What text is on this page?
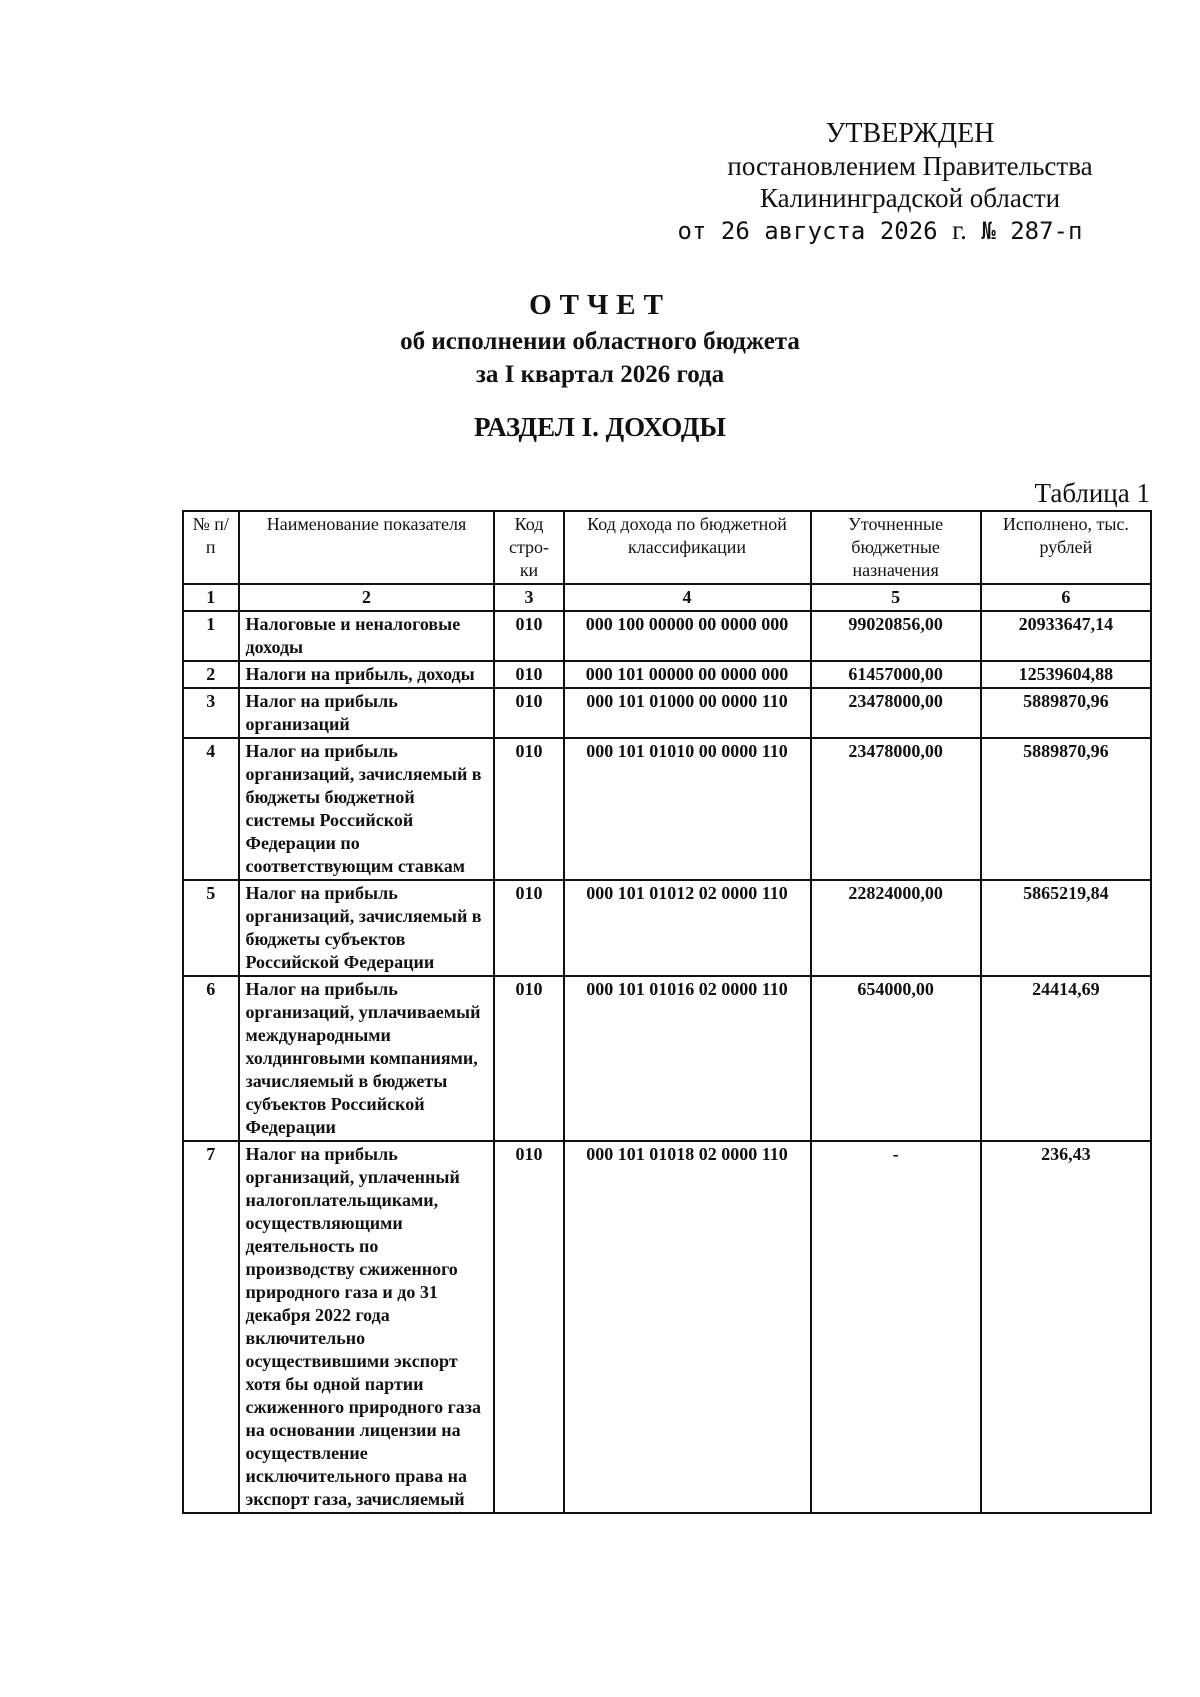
УТВЕРЖДЕН
постановлением Правительства
Калининградской области
от 26 августа 2026 г. № 287-п
ОТЧЕТ
об исполнении областного бюджета
за I квартал 2026 года
РАЗДЕЛ I. ДОХОДЫ
Таблица 1
№ п/п	Наименование показателя	Код стро-ки	Код дохода по бюджетной классификации	Уточненные бюджетные назначения	Исполнено, тыс. рублей
1	2	3	4	5	6
1	Налоговые и неналоговые доходы	010	000 100 00000 00 0000 000	99020856,00	20933647,14
2	Налоги на прибыль, доходы	010	000 101 00000 00 0000 000	61457000,00	12539604,88
3	Налог на прибыль организаций	010	000 101 01000 00 0000 110	23478000,00	5889870,96
4	Налог на прибыль организаций, зачисляемый в бюджеты бюджетной системы Российской Федерации по соответствующим ставкам	010	000 101 01010 00 0000 110	23478000,00	5889870,96
5	Налог на прибыль организаций, зачисляемый в бюджеты субъектов Российской Федерации	010	000 101 01012 02 0000 110	22824000,00	5865219,84
6	Налог на прибыль организаций, уплачиваемый международными холдинговыми компаниями, зачисляемый в бюджеты субъектов Российской Федерации	010	000 101 01016 02 0000 110	654000,00	24414,69
7	Налог на прибыль организаций, уплаченный налогоплательщиками, осуществляющими деятельность по производству сжиженного природного газа и до 31 декабря 2022 года включительно осуществившими экспорт хотя бы одной партии сжиженного природного газа на основании лицензии на осуществление исключительного права на экспорт газа, зачисляемый	010	000 101 01018 02 0000 110	-	236,43
